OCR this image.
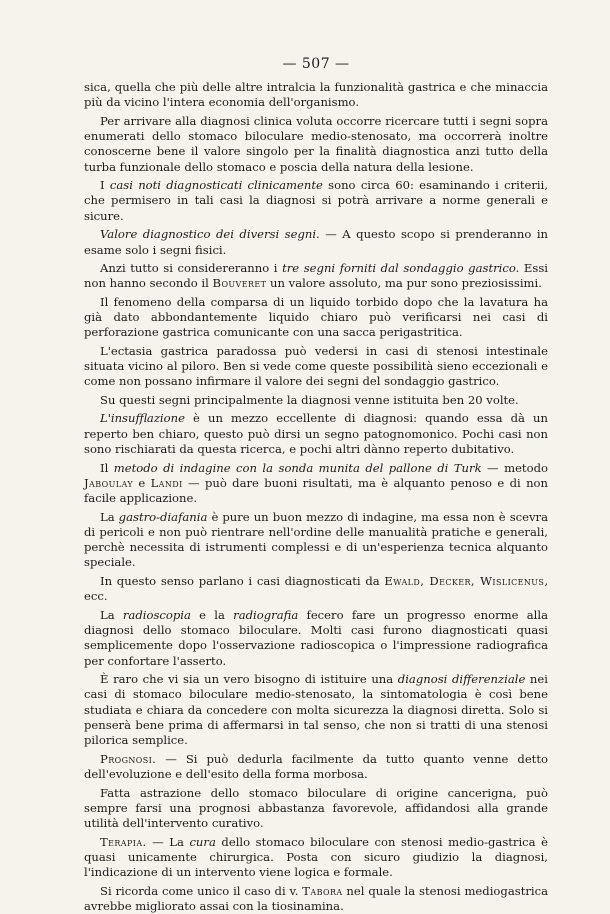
— 507 —

sica, quella che più delle altre intralcia la funzionalità gastrica e che minaccia più da vicino l'intera economia dell'organismo.

Per arrivare alla diagnosi clinica voluta occorre ricercare tutti i segni sopra enumerati dello stomaco biloculare medio-stenosato, ma occorrerà inoltre conoscerne bene il valore singolo per la finalità diagnostica anzi tutto della turba funzionale dello stomaco e poscia della natura della lesione.

I casi noti diagnosticati clinicamente sono circa 60: esaminando i criterii, che permisero in tali casi la diagnosi si potrà arrivare a norme generali e sicure.

Valore diagnostico dei diversi segni. — A questo scopo si prenderanno in esame solo i segni fisici.

Anzi tutto si considereranno i tre segni forniti dal sondaggio gastrico. Essi non hanno secondo il Bouveret un valore assoluto, ma pur sono preziosissimi.

Il fenomeno della comparsa di un liquido torbido dopo che la lavatura ha già dato abbondantemente liquido chiaro può verificarsi nei casi di perforazione gastrica comunicante con una sacca perigastritica.

L'ectasia gastrica paradossa può vedersi in casi di stenosi intestinale situata vicino al piloro. Ben si vede come queste possibilità sieno eccezionali e come non possano infirmare il valore dei segni del sondaggio gastrico.

Su questi segni principalmente la diagnosi venne istituita ben 20 volte.

L'insufflazione è un mezzo eccellente di diagnosi: quando essa dà un reperto ben chiaro, questo può dirsi un segno patognomonico. Pochi casi non sono rischiarati da questa ricerca, e pochi altri dànno reperto dubitativo.

Il metodo di indagine con la sonda munita del pallone di Turk — metodo Jaboulay e Landi — può dare buoni risultati, ma è alquanto penoso e di non facile applicazione.

La gastro-diafania è pure un buon mezzo di indagine, ma essa non è scevra di pericoli e non può rientrare nell'ordine delle manualità pratiche e generali, perchè necessita di istrumenti complessi e di un'esperienza tecnica alquanto speciale.

In questo senso parlano i casi diagnosticati da Ewald, Decker, Wislicenus, ecc.

La radioscopia e la radiografia fecero fare un progresso enorme alla diagnosi dello stomaco biloculare. Molti casi furono diagnosticati quasi semplicemente dopo l'osservazione radioscopica o l'impressione radiografica per confortare l'asserto.

È raro che vi sia un vero bisogno di istituire una diagnosi differenziale nei casi di stomaco biloculare medio-stenosato, la sintomatologia è così bene studiata e chiara da concedere con molta sicurezza la diagnosi diretta. Solo si penserà bene prima di affermarsi in tal senso, che non si tratti di una stenosi pilorica semplice.

Prognosi. — Si può dedurla facilmente da tutto quanto venne detto dell'evoluzione e dell'esito della forma morbosa.

Fatta astrazione dello stomaco biloculare di origine cancerigna, può sempre farsi una prognosi abbastanza favorevole, affidandosi alla grande utilità dell'intervento curativo.

Terapia. — La cura dello stomaco biloculare con stenosi medio-gastrica è quasi unicamente chirurgica. Posta con sicuro giudizio la diagnosi, l'indicazione di un intervento viene logica e formale.

Si ricorda come unico il caso di v. Tabora nel quale la stenosi mediogastrica avrebbe migliorato assai con la tiosinamina.
